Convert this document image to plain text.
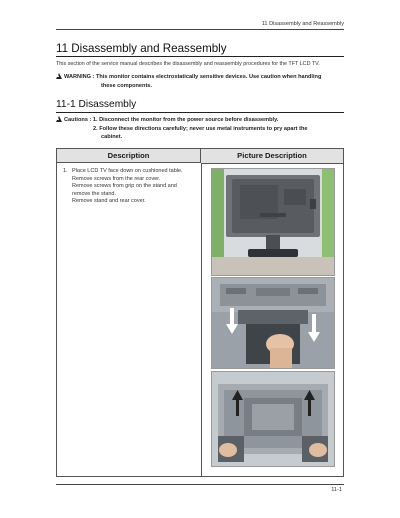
11 Disassembly and Reassembly
11 Disassembly and Reassembly
This section of the service manual describes the disassembly and reassembly procedures for the TFT LCD TV.
WARNING : This monitor contains electrostatically sensitive devices. Use caution when handling
these components.
11-1 Disassembly
Cautions : 1. Disconnect the monitor from the power source before disassembly.
2. Follow these directions carefully; never use metal instruments to pry apart the
cabinet.
Description	Picture Description
1. Place LCD TV face down on cushioned table.
Remove screws from the rear cover.
Remove screws from grip on the stand and
remove the stand.
Remove stand and rear cover.
11-1
